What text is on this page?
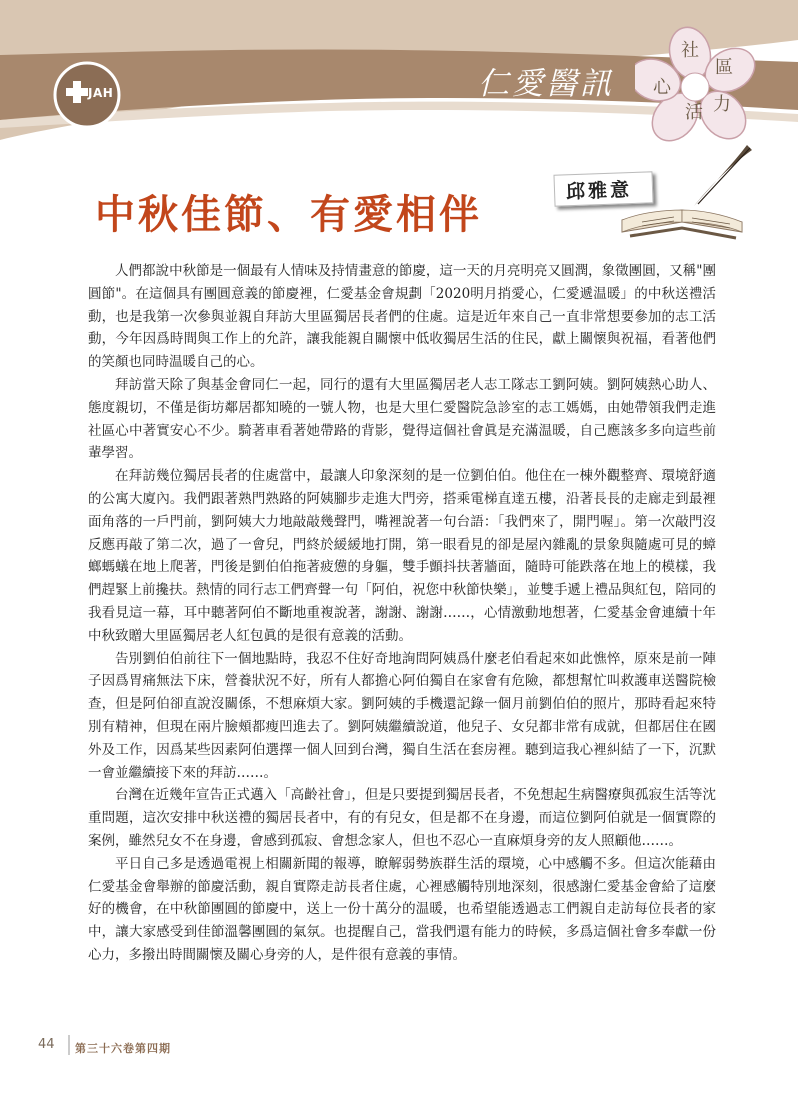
JAH	仁愛醫訊
社
區
心
活 力
中秋佳節、有愛相伴
邱雅意

人們都說中秋節是一個最有人情味及持情畫意的節慶，這一天的月亮明亮又圓潤，象徵團圓，又稱"團圓節"。在這個具有團圓意義的節慶裡，仁愛基金會規劃「2020明月捎愛心，仁愛遞温暖」的中秋送禮活動，也是我第一次參與並親自拜訪大里區獨居長者們的住處。這是近年來自己一直非常想要參加的志工活動，今年因爲時間與工作上的允許，讓我能親自關懷中低收獨居生活的住民，獻上關懷與祝福，看著他們的笑顏也同時温暖自己的心。

拜訪當天除了與基金會同仁一起，同行的還有大里區獨居老人志工隊志工劉阿姨。劉阿姨熱心助人、態度親切，不僅是街坊鄰居都知曉的一號人物，也是大里仁愛醫院急診室的志工媽媽，由她帶領我們走進社區心中著實安心不少。騎著車看著她帶路的背影，覺得這個社會眞是充滿温暖，自己應該多多向這些前輩學習。

在拜訪幾位獨居長者的住處當中，最讓人印象深刻的是一位劉伯伯。他住在一棟外觀整齊、環境舒適的公寓大廈內。我們跟著熟門熟路的阿姨腳步走進大門旁，搭乘電梯直達五樓，沿著長長的走廊走到最裡面角落的一戶門前，劉阿姨大力地敲敲幾聲門，嘴裡說著一句台語：「我們來了，開門喔」。第一次敲門沒反應再敲了第二次，過了一會兒，門終於緩緩地打開，第一眼看見的卻是屋內雜亂的景象與隨處可見的蟑螂螞蟻在地上爬著，門後是劉伯伯拖著疲憊的身軀，雙手顫抖扶著牆面，隨時可能跌落在地上的模樣，我們趕緊上前攙扶。熱情的同行志工們齊聲一句「阿伯，祝您中秋節快樂」，並雙手遞上禮品與紅包，陪同的我看見這一幕，耳中聽著阿伯不斷地重複說著，謝謝、謝謝……，心情激動地想著，仁愛基金會連續十年中秋致贈大里區獨居老人紅包眞的是很有意義的活動。

告別劉伯伯前往下一個地點時，我忍不住好奇地詢問阿姨爲什麼老伯看起來如此憔悴，原來是前一陣子因爲胃痛無法下床，營養狀況不好，所有人都擔心阿伯獨自在家會有危險，都想幫忙叫救護車送醫院檢查，但是阿伯卻直說沒關係，不想麻煩大家。劉阿姨的手機還記錄一個月前劉伯伯的照片，那時看起來特別有精神，但現在兩片臉頰都瘦凹進去了。劉阿姨繼續說道，他兒子、女兒都非常有成就，但都居住在國外及工作，因爲某些因素阿伯選擇一個人回到台灣，獨自生活在套房裡。聽到這我心裡糾結了一下，沉默一會並繼續接下來的拜訪……。

台灣在近幾年宣告正式邁入「高齡社會」，但是只要提到獨居長者，不免想起生病醫療與孤寂生活等沈重問題，這次安排中秋送禮的獨居長者中，有的有兒女，但是都不在身邊，而這位劉阿伯就是一個實際的案例，雖然兒女不在身邊，會感到孤寂、會想念家人，但也不忍心一直麻煩身旁的友人照顧他……。

平日自己多是透過電視上相關新聞的報導，瞭解弱勢族群生活的環境，心中感觸不多。但這次能藉由仁愛基金會舉辦的節慶活動，親自實際走訪長者住處，心裡感觸特別地深刻，很感謝仁愛基金會給了這麼好的機會，在中秋節團圓的節慶中，送上一份十萬分的温暖，也希望能透過志工們親自走訪每位長者的家中，讓大家感受到佳節溫馨團圓的氣氛。也提醒自己，當我們還有能力的時候，多爲這個社會多奉獻一份心力，多撥出時間關懷及關心身旁的人，是件很有意義的事情。

44 第三十六卷第四期
